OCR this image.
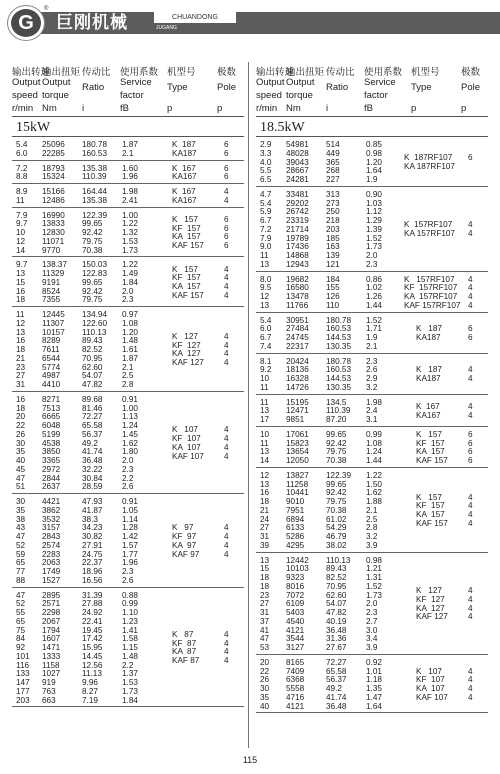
G
®
巨刚机械	CHUANDONG
JUGANG
输出转速
Output
speed
r/min
输出扭矩
Output
torque
Nm
传动比
Ratio
i
使用系数
Service
factor
fB
机型号
Type
p
极数
Pole
p
15kW
5.4 25096 180.78 1.87
6.0 22285 160.53 2.1
K  187	6
KA187	6
7.2 18793 135.38 1.60
8.8 15324 110.39 1.96
K  167	6
KA167	6
8.9 15166 164.44 1.98
11 12486 135.38 2.41
K  167	4
KA167	4
7.9 16990 122.39 1.00
9.7 13833 99.65 1.22
10 12830 92.42 1.32
12 11071 79.75 1.53
14 9770	70.38 1.73
K   157	6
KF  157	6
KA  157	6
KAF 157 6
9.7 138.37 150.03 1.22
13 11329 122.83 1.49
15 9191	99.65 1.84
16 8524	92.42 2.0
18 7355	79.75 2.3
K   157	4
KF  157	4
KA  157	4
KAF 157 4
11 12445 134.94 0.97
12 11307 122.60 1.08
13 10157 110.13 1.20
16 8289	89.43 1.48
18 7611	82.52 1.61
21 6544	70.95 1.87
23 5774	62.60 2.1
27 4987	54.07 2.5
31 4410	47.82 2.8
K   127	4
KF  127	4
KA  127	4
KAF 127 4
16 8271	89.68 0.91
18 7513	81.46 1.00
20 6665	72.27 1.13
22 6048	65.58 1.24
26 5199	56.37 1.45
30 4538	49.2	1.62
35 3850	41.74 1.80
40 3365	36.48 2.0
45 2972	32.22 2.3
47 2844	30.84 2.2
51 2637	28.59 2.6
K   107	4
KF  107	4
KA  107	4
KAF 107 4
30 4421	47.93 0.91
35 3862	41.87 1.05
38 3532	38.3	1.14
43 3157	34.23 1.28
47 2843	30.82 1.42
52 2574	27.91 1.57
59 2283	24.75 1.77
65 2063	22.37 1.96
77 1749	18.96 2.3
88 1527	16.56 2.6
K   97	4
KF  97	4
KA  97	4
KAF 97	4
47 2895	31.39 0.88
52 2571	27.88 0.99
55 2298	24.92 1.10
65 2067	22.41 1.23
75 1794	19.45 1.41
84 1607	17.42 1.58
92 1471	15.95 1.15
101 1333	14.45 1.48
116 1158	12.56 2.2
133 1027	11.13 1.37
147 919	9.96	1.53
177 763	8.27	1.73
203 663	7.19	1.84
K   87	4
KF  87	4
KA  87	4
KAF 87	4
输出转速
Output
speed
r/min
输出扭矩
Output
torque
Nm
传动比
Ratio
i
使用系数
Service
factor
fB
机型号
Type
p
极数
Pole
p
18.5kW
2.9 54981 514	0.85
3.3 48028 449	0.98
4.0 39043 365	1.20
5.5 28667 268	1.64
6.5 24281 227	1.9
K  187RF107 6
KA 187RF107
4.7 33481 313	0.90
5.4 29202 273	1.03
5.9 26742 250	1.12
6.7 23319 218	1.29
7.2 21714 203	1.39
7.9 19789 185	1.52
9.0 17436 163	1.73
11 14868 139	2.0
13 12943 121	2.3
K  157RF107 4
KA 157RF107 4
8.0 19682 184	0.86
9.5 16580 155	1.02
12 13478 126	1.26
13 11766 110	1.44
K   157RF107 4
KF  157RF107 4
KA  157RF107 4
KAF 157RF107 4
5.4 30951 180.78 1.52
6.0 27484 160.53 1.71
6.7 24745 144.53 1.9
7.4 22317 130.35 2.1
K   187	6
KA187	6
8.1 20424 180.78 2.3
9.2 18136 160.53 2.6
10 16328 144.53 2.9
11 14726 130.35 3.2
K   187	4
KA187	4
11 15195 134.5 1.98
13 12471 110.39 2.4
17 9851	87.20 3.1
K  167	4
KA167	4
10 17061 99.65 0.99
11 15823 92.42 1.08
13 13654 79.75 1.24
14 12050 70.38 1.44
K   157	6
KF  157	6
KA  157	6
KAF 157 6
12 13827 122.39 1.22
13 11258 99.65 1.50
16 10441 92.42 1.62
18 9010	79.75 1.88
21 7951	70.38 2.1
24 6894	61.02 2.5
27 6133	54.29 2.8
31 5286	46.79 3.2
39 4295	38.02 3.9
K   157	4
KF  157	4
KA  157	4
KAF 157 4
13 12442 110.13 0.98
15 10103 89.43 1.21
18 9323	82.52 1.31
18 8016	70.95 1.52
23 7072	62.60 1.73
27 6109	54.07 2.0
31 5403	47.82 2.3
37 4540	40.19 2.7
41 4121	36.48 3.0
47 3544	31.36 3.4
53 3127	27.67 3.9
K   127	4
KF  127	4
KA  127	4
KAF 127 4
20 8165	72.27 0.92
22 7409	65.58 1.01
26 6368	56.37 1.18
30 5558	49.2	1.35
35 4716	41.74 1.47
40 4121	36.48 1.64
K   107	4
KF  107	4
KA  107	4
KAF 107 4
115
